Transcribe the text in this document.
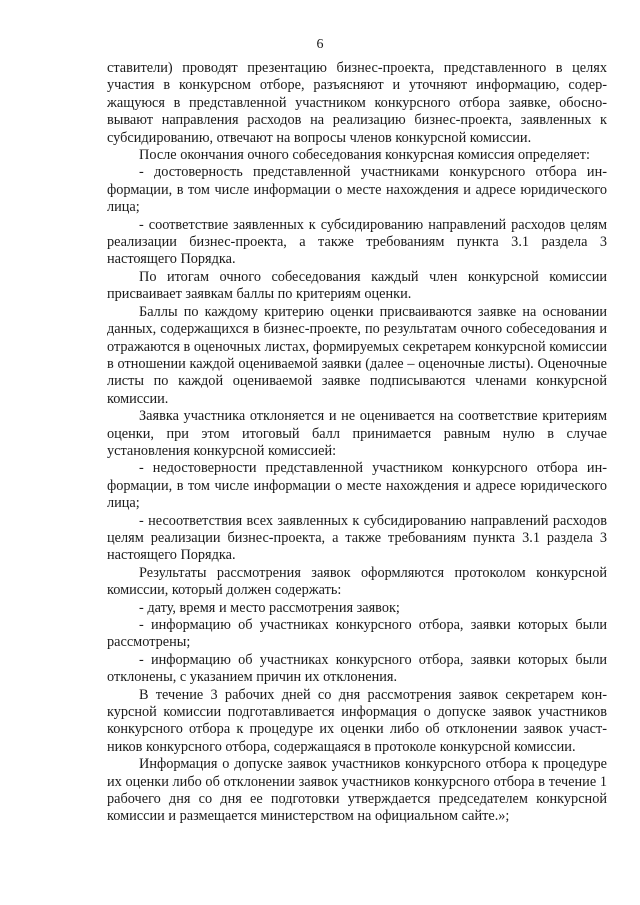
6

ставители) проводят презентацию бизнес-проекта, представленного в целях участия в конкурсном отборе, разъясняют и уточняют информацию, содержащуюся в представленной участником конкурсного отбора заявке, обосновывают направления расходов на реализацию бизнес-проекта, заявленных к субсидированию, отвечают на вопросы членов конкурсной комиссии.

После окончания очного собеседования конкурсная комиссия определяет:

- достоверность представленной участниками конкурсного отбора информации, в том числе информации о месте нахождения и адресе юридического лица;

- соответствие заявленных к субсидированию направлений расходов целям реализации бизнес-проекта, а также требованиям пункта 3.1 раздела 3 настоящего Порядка.

По итогам очного собеседования каждый член конкурсной комиссии присваивает заявкам баллы по критериям оценки.

Баллы по каждому критерию оценки присваиваются заявке на основании данных, содержащихся в бизнес-проекте, по результатам очного собеседования и отражаются в оценочных листах, формируемых секретарем конкурсной комиссии в отношении каждой оцениваемой заявки (далее – оценочные листы). Оценочные листы по каждой оцениваемой заявке подписываются членами конкурсной комиссии.

Заявка участника отклоняется и не оценивается на соответствие критериям оценки, при этом итоговый балл принимается равным нулю в случае установления конкурсной комиссией:

- недостоверности представленной участником конкурсного отбора информации, в том числе информации о месте нахождения и адресе юридического лица;

- несоответствия всех заявленных к субсидированию направлений расходов целям реализации бизнес-проекта, а также требованиям пункта 3.1 раздела 3 настоящего Порядка.

Результаты рассмотрения заявок оформляются протоколом конкурсной комиссии, который должен содержать:

- дату, время и место рассмотрения заявок;

- информацию об участниках конкурсного отбора, заявки которых были рассмотрены;

- информацию об участниках конкурсного отбора, заявки которых были отклонены, с указанием причин их отклонения.

В течение 3 рабочих дней со дня рассмотрения заявок секретарем конкурсной комиссии подготавливается информация о допуске заявок участников конкурсного отбора к процедуре их оценки либо об отклонении заявок участников конкурсного отбора, содержащаяся в протоколе конкурсной комиссии.

Информация о допуске заявок участников конкурсного отбора к процедуре их оценки либо об отклонении заявок участников конкурсного отбора в течение 1 рабочего дня со дня ее подготовки утверждается председателем конкурсной комиссии и размещается министерством на официальном сайте.»;
